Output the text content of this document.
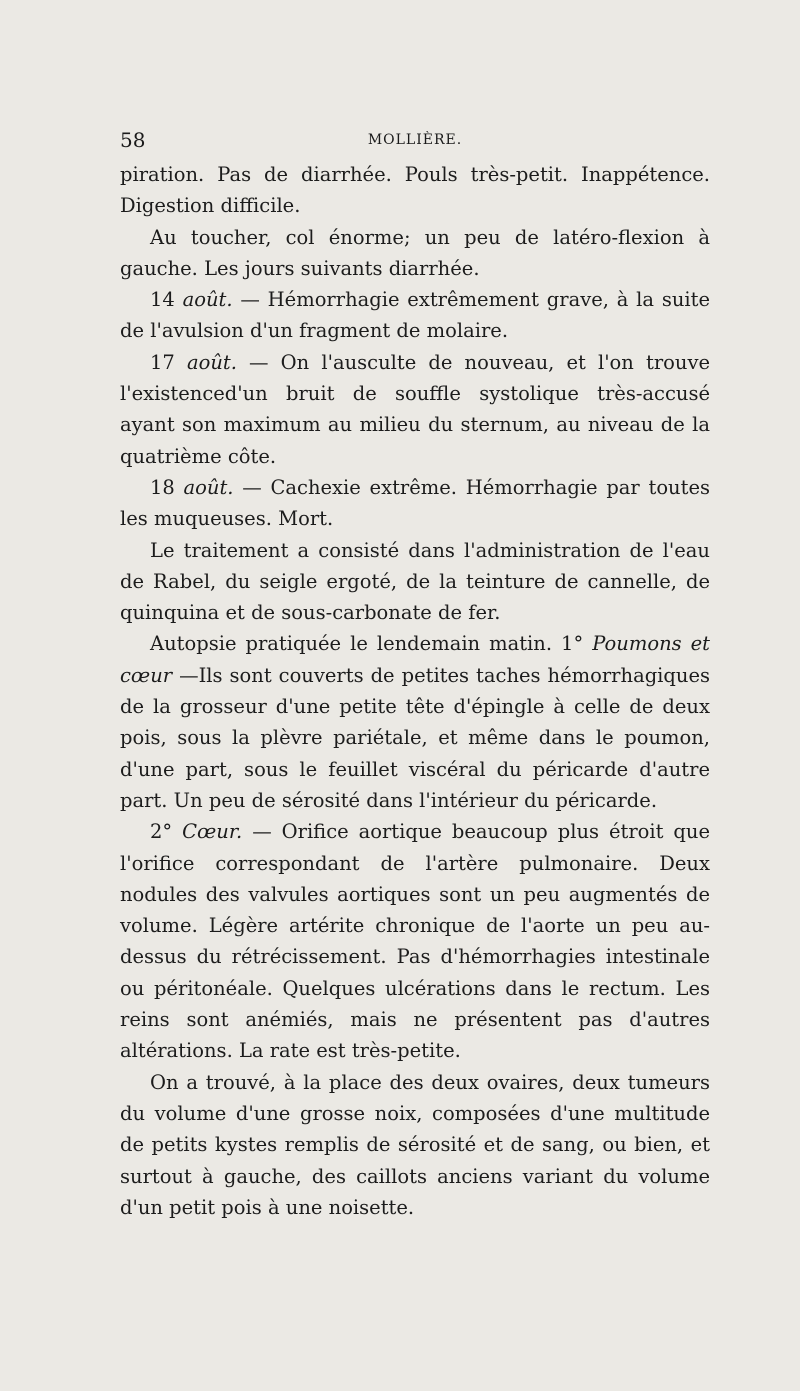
58	MOLLIÈRE.

piration. Pas de diarrhée. Pouls très-petit. Inappétence. Digestion difficile.

Au toucher, col énorme; un peu de latéro-flexion à gauche. Les jours suivants diarrhée.

14 août. — Hémorrhagie extrêmement grave, à la suite de l'avulsion d'un fragment de molaire.

17 août. — On l'ausculte de nouveau, et l'on trouve l'existenced'un bruit de souffle systolique très-accusé ayant son maximum au milieu du sternum, au niveau de la quatrième côte.

18 août. — Cachexie extrême. Hémorrhagie par toutes les muqueuses. Mort.

Le traitement a consisté dans l'administration de l'eau de Rabel, du seigle ergoté, de la teinture de cannelle, de quinquina et de sous-carbonate de fer.

Autopsie pratiquée le lendemain matin. 1° Poumons et cœur —Ils sont couverts de petites taches hémorrhagiques de la grosseur d'une petite tête d'épingle à celle de deux pois, sous la plèvre pariétale, et même dans le poumon, d'une part, sous le feuillet viscéral du péricarde d'autre part. Un peu de sérosité dans l'intérieur du péricarde.

2° Cœur. — Orifice aortique beaucoup plus étroit que l'orifice correspondant de l'artère pulmonaire. Deux nodules des valvules aortiques sont un peu augmentés de volume. Légère artérite chronique de l'aorte un peu au-dessus du rétrécissement. Pas d'hémorrhagies intestinale ou péritonéale. Quelques ulcérations dans le rectum. Les reins sont anémiés, mais ne présentent pas d'autres altérations. La rate est très-petite.

On a trouvé, à la place des deux ovaires, deux tumeurs du volume d'une grosse noix, composées d'une multitude de petits kystes remplis de sérosité et de sang, ou bien, et surtout à gauche, des caillots anciens variant du volume d'un petit pois à une noisette.
